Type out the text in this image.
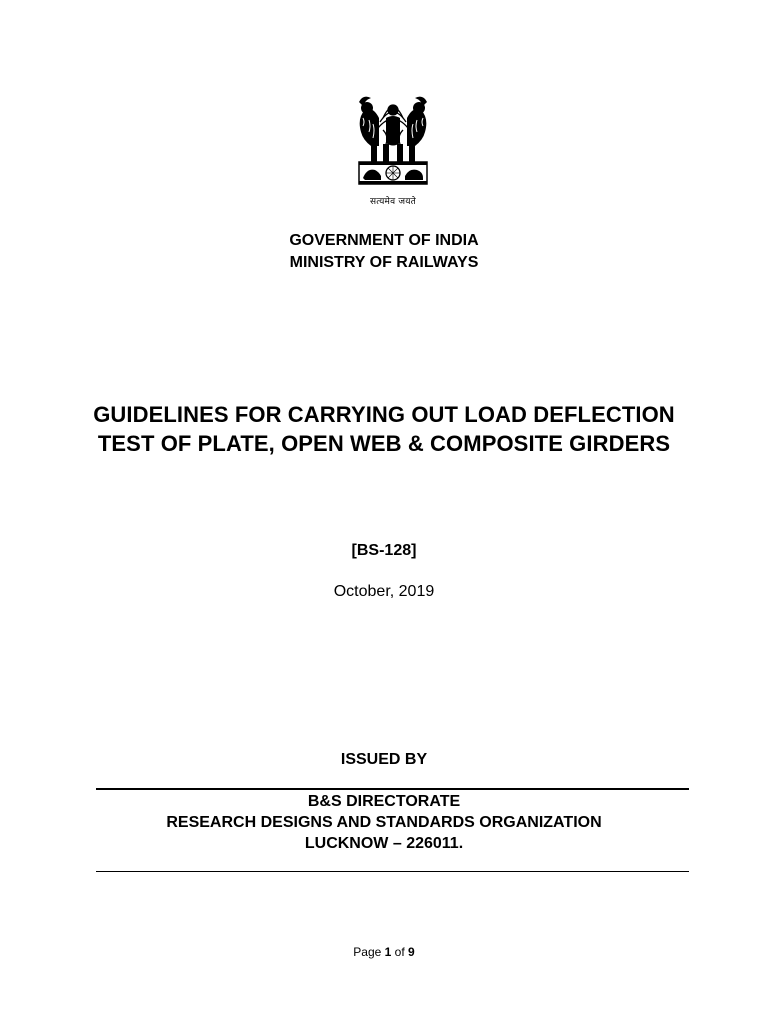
सत्यमेव जयते
GOVERNMENT OF INDIA
MINISTRY OF RAILWAYS
GUIDELINES FOR CARRYING OUT LOAD DEFLECTION
TEST OF PLATE, OPEN WEB & COMPOSITE GIRDERS
[BS-128]
October, 2019
ISSUED BY
B&S DIRECTORATE
RESEARCH DESIGNS AND STANDARDS ORGANIZATION
LUCKNOW – 226011.
Page 1 of 9
